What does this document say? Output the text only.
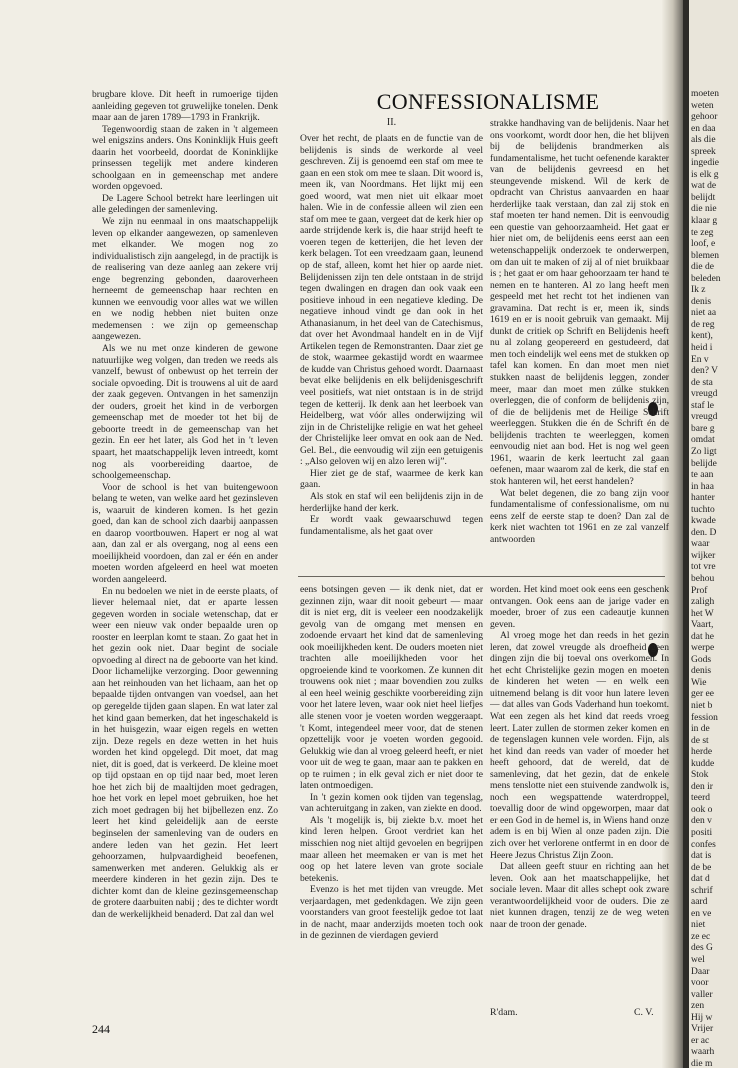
moeten
weten
gehoor
en daa
als die
spreek
ingedie
is elk g
wat de
belijdt
die nie
klaar g
te zeg
loof, e
blemen
die de
beleden
Ik z
denis
niet aa
de reg
kent),
heid i
En v
den? V
de sta
vreugd
staf le
vreugd
bare g
omdat
Zo ligt
belijde
te aan
in haa
hanter
tuchto
kwade
den. D
waar
wijker
tot vre
behou
Prof
zaligh
het W
Vaart,
dat he
werpe
Gods
denis
Wie
ger ee
niet b
fession
in de
de st
herde
kudde
Stok
den ir
teerd
ook o
den v
positi
confes
dat is
de be
dat d
schrif
aard
en ve
niet
ze ec
des G
wel
Daar
voor
valler
zen
Hij w
Vrijer
er ac
waarh
die m
CONFESSIONALISME
II.

brugbare klove. Dit heeft in rumoerige tijden aanleiding gegeven tot gruwelijke tonelen. Denk maar aan de jaren 1789—1793 in Frankrijk.

Tegenwoordig staan de zaken in 't algemeen wel enigszins anders. Ons Koninklijk Huis geeft daarin het voorbeeld, doordat de Koninklijke prinsessen tegelijk met andere kinderen schoolgaan en in gemeenschap met andere worden opgevoed.

De Lagere School betrekt hare leerlingen uit alle geledingen der samenleving.

We zijn nu eenmaal in ons maatschappelijk leven op elkander aangewezen, op samenleven met elkander. We mogen nog zo individualistisch zijn aangelegd, in de practijk is de realisering van deze aanleg aan zekere vrij enge begrenzing gebonden, daaroverheen herneemt de gemeenschap haar rechten en kunnen we eenvoudig voor alles wat we willen en we nodig hebben niet buiten onze medemensen : we zijn op gemeenschap aangewezen.

Als we nu met onze kinderen de gewone natuurlijke weg volgen, dan treden we reeds als vanzelf, bewust of onbewust op het terrein der sociale opvoeding. Dit is trouwens al uit de aard der zaak gegeven. Ontvangen in het samenzijn der ouders, groeit het kind in de verborgen gemeenschap met de moeder tot het bij de geboorte treedt in de gemeenschap van het gezin. En eer het later, als God het in 't leven spaart, het maatschappelijk leven intreedt, komt nog als voorbereiding daartoe, de schoolgemeenschap.

Voor de school is het van buitengewoon belang te weten, van welke aard het gezinsleven is, waaruit de kinderen komen. Is het gezin goed, dan kan de school zich daarbij aanpassen en daarop voortbouwen. Hapert er nog al wat aan, dan zal er als overgang, nog al eens een moeilijkheid voordoen, dan zal er één en ander moeten worden afgeleerd en heel wat moeten worden aangeleerd.

En nu bedoelen we niet in de eerste plaats, of liever helemaal niet, dat er aparte lessen gegeven worden in sociale wetenschap, dat er weer een nieuw vak onder bepaalde uren op rooster en leerplan komt te staan. Zo gaat het in het gezin ook niet. Daar begint de sociale opvoeding al direct na de geboorte van het kind. Door lichamelijke verzorging. Door gewenning aan het reinhouden van het lichaam, aan het op bepaalde tijden ontvangen van voedsel, aan het op geregelde tijden gaan slapen. En wat later zal het kind gaan bemerken, dat het ingeschakeld is in het huisgezin, waar eigen regels en wetten zijn. Deze regels en deze wetten in het huis worden het kind opgelegd. Dit moet, dat mag niet, dit is goed, dat is verkeerd. De kleine moet op tijd opstaan en op tijd naar bed, moet leren hoe het zich bij de maaltijden moet gedragen, hoe het vork en lepel moet gebruiken, hoe het zich moet gedragen bij het bijbellezen enz. Zo leert het kind geleidelijk aan de eerste beginselen der samenleving van de ouders en andere leden van het gezin. Het leert gehoorzamen, hulpvaardigheid beoefenen, samenwerken met anderen. Gelukkig als er meerdere kinderen in het gezin zijn. Des te dichter komt dan de kleine gezinsgemeenschap de grotere daarbuiten nabij ; des te dichter wordt dan de werkelijkheid benaderd. Dat zal dan wel

Over het recht, de plaats en de functie van de belijdenis is sinds de werkorde al veel geschreven. Zij is genoemd een staf om mee te gaan en een stok om mee te slaan. Dit woord is, meen ik, van Noordmans. Het lijkt mij een goed woord, wat men niet uit elkaar moet halen. Wie in de confessie alleen wil zien een staf om mee te gaan, vergeet dat de kerk hier op aarde strijdende kerk is, die haar strijd heeft te voeren tegen de ketterijen, die het leven der kerk belagen. Tot een vreedzaam gaan, leunend op de staf, alleen, komt het hier op aarde niet. Belijdenissen zijn ten dele ontstaan in de strijd tegen dwalingen en dragen dan ook vaak een positieve inhoud in een negatieve kleding. De negatieve inhoud vindt ge dan ook in het Athanasianum, in het deel van de Catechismus, dat over het Avondmaal handelt en in de Vijf Artikelen tegen de Remonstranten. Daar ziet ge de stok, waarmee gekastijd wordt en waarmee de kudde van Christus gehoed wordt. Daarnaast bevat elke belijdenis en elk belijdenisgeschrift veel positiefs, wat niet ontstaan is in de strijd tegen de ketterij. Ik denk aan het leerboek van Heidelberg, wat vóór alles onderwijzing wil zijn in de Christelijke religie en wat het geheel der Christelijke leer omvat en ook aan de Ned. Gel. Bel., die eenvoudig wil zijn een getuigenis : „Also geloven wij en alzo leren wij”.

Hier ziet ge de staf, waarmee de kerk kan gaan.

Als stok en staf wil een belijdenis zijn in de herderlijke hand der kerk.

Er wordt vaak gewaarschuwd tegen fundamentalisme, als het gaat over

strakke handhaving van de belijdenis. Naar het ons voorkomt, wordt door hen, die het blijven bij de belijdenis brandmerken als fundamentalisme, het tucht oefenende karakter van de belijdenis gevreesd en het steungevende miskend. Wil de kerk de opdracht van Christus aanvaarden en haar herderlijke taak verstaan, dan zal zij stok en staf moeten ter hand nemen. Dit is eenvoudig een questie van gehoorzaamheid. Het gaat er hier niet om, de belijdenis eens eerst aan een wetenschappelijk onderzoek te onderwerpen, om dan uit te maken of zij al of niet bruikbaar is ; het gaat er om haar gehoorzaam ter hand te nemen en te hanteren. Al zo lang heeft men gespeeld met het recht tot het indienen van gravamina. Dat recht is er, meen ik, sinds 1619 en er is nooit gebruik van gemaakt. Mij dunkt de critiek op Schrift en Belijdenis heeft nu al zolang geopereerd en gestudeerd, dat men toch eindelijk wel eens met de stukken op tafel kan komen. En dan moet men niet stukken naast de belijdenis leggen, zonder meer, maar dan moet men zúlke stukken overleggen, die of conform de belijdenis zijn, of die de belijdenis met de Heilige Schrift weerleggen. Stukken die én de Schrift én de belijdenis trachten te weerleggen, komen eenvoudig niet aan bod. Het is nog wel geen 1961, waarin de kerk leertucht zal gaan oefenen, maar waarom zal de kerk, die staf en stok hanteren wil, het eerst handelen?

Wat belet degenen, die zo bang zijn voor fundamentalisme of confessionalisme, om nu eens zelf de eerste stap te doen? Dan zal de kerk niet wachten tot 1961 en ze zal vanzelf antwoorden

eens botsingen geven — ik denk niet, dat er gezinnen zijn, waar dit nooit gebeurt — maar dit is niet erg, dit is veeleer een noodzakelijk gevolg van de omgang met mensen en zodoende ervaart het kind dat de samenleving ook moeilijkheden kent. De ouders moeten niet trachten alle moeilijkheden voor het opgroeiende kind te voorkomen. Ze kunnen dit trouwens ook niet ; maar bovendien zou zulks al een heel weinig geschikte voorbereiding zijn voor het latere leven, waar ook niet heel liefjes alle stenen voor je voeten worden weggeraapt. 't Komt, integendeel meer voor, dat de stenen opzettelijk voor je voeten worden gegooid. Gelukkig wie dan al vroeg geleerd heeft, er niet voor uit de weg te gaan, maar aan te pakken en op te ruimen ; in elk geval zich er niet door te laten ontmoedigen.

In 't gezin komen ook tijden van tegenslag, van achteruitgang in zaken, van ziekte en dood.

Als 't mogelijk is, bij ziekte b.v. moet het kind leren helpen. Groot verdriet kan het misschien nog niet altijd gevoelen en begrijpen maar alleen het meemaken er van is met het oog op het latere leven van grote sociale betekenis.

Evenzo is het met tijden van vreugde. Met verjaardagen, met gedenkdagen. We zijn geen voorstanders van groot feestelijk gedoe tot laat in de nacht, maar anderzijds moeten toch ook in de gezinnen de vierdagen gevierd

worden. Het kind moet ook eens een geschenk ontvangen. Ook eens aan de jarige vader en moeder, broer of zus een cadeautje kunnen geven.

Al vroeg moge het dan reeds in het gezin leren, dat zowel vreugde als droefheid geen dingen zijn die bij toeval ons overkomen. In het echt Christelijke gezin mogen en moeten de kinderen het weten — en welk een uitnemend belang is dit voor hun latere leven — dat alles van Gods Vaderhand hun toekomt. Wat een zegen als het kind dat reeds vroeg leert. Later zullen de stormen zeker komen en de tegenslagen kunnen vele worden. Fijn, als het kind dan reeds van vader of moeder het heeft gehoord, dat de wereld, dat de samenleving, dat het gezin, dat de enkele mens tenslotte niet een stuivende zandwolk is, noch een wegspattende waterdroppel, toevallig door de wind opgeworpen, maar dat er een God in de hemel is, in Wiens hand onze adem is en bij Wien al onze paden zijn. Die zich over het verlorene ontfermt in en door de Heere Jezus Christus Zijn Zoon.

Dat alleen geeft stuur en richting aan het leven. Ook aan het maatschappelijke, het sociale leven. Maar dit alles schept ook zware verantwoordelijkheid voor de ouders. Die ze niet kunnen dragen, tenzij ze de weg weten naar de troon der genade.

R'dam.	C. V.
244
